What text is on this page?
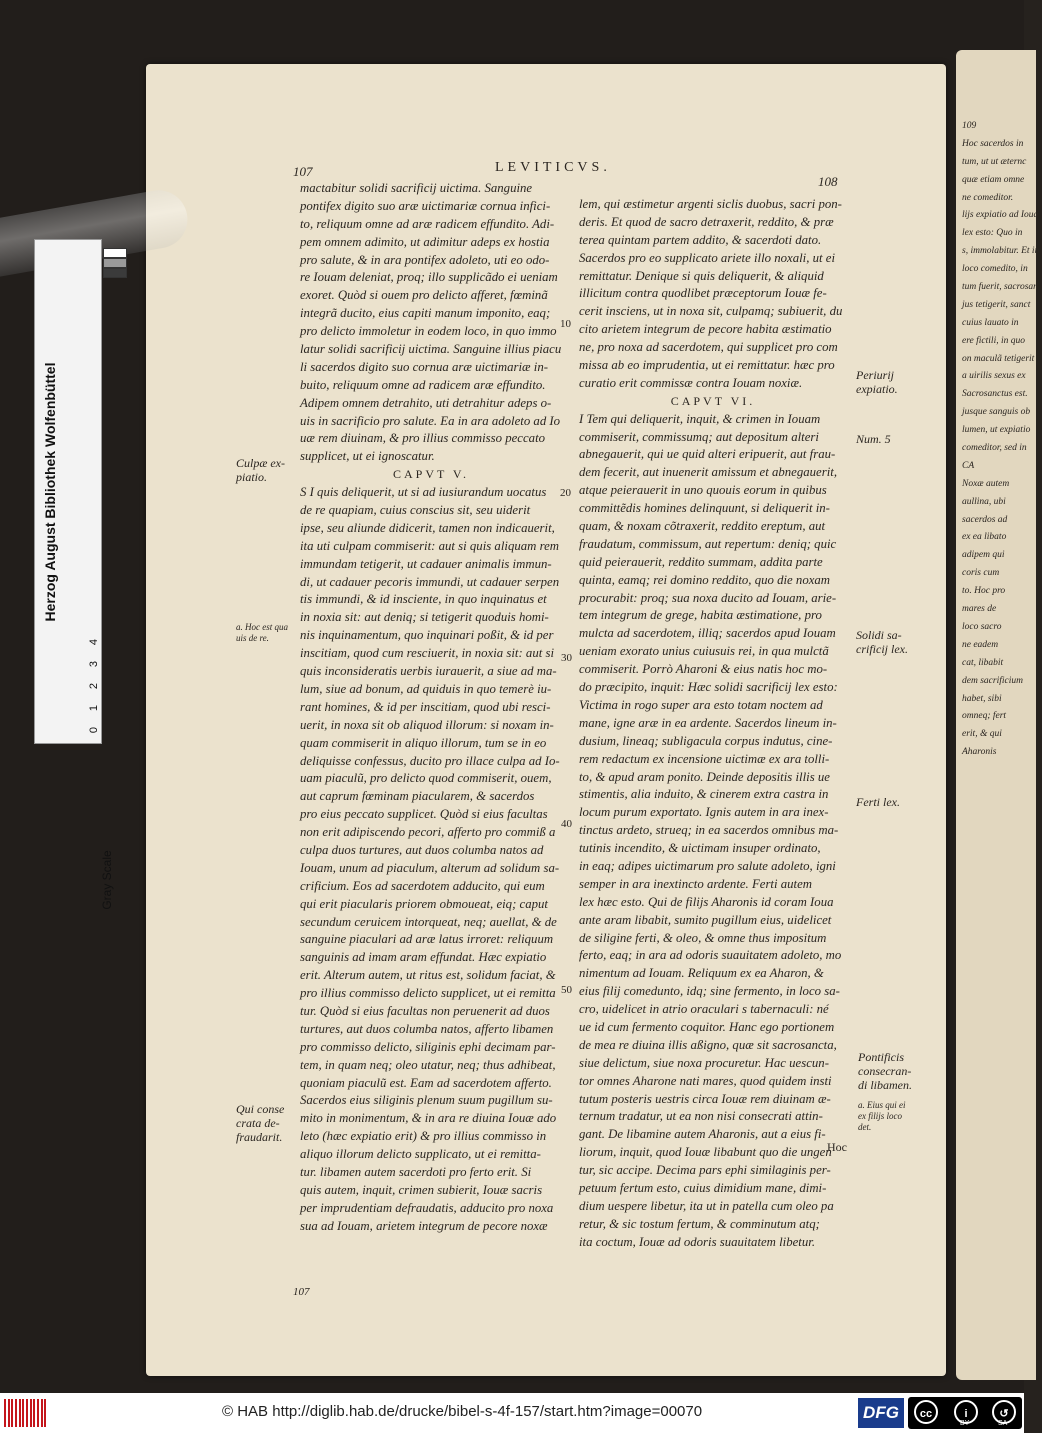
109
Hoc sacerdos in
tum, ut ut æternc
quæ etiam omne
ne comeditor.
lijs expiatio ad Ioua
lex esto: Quo in
s, immolabitur. Et in
loco comedito, in
tum fuerit, sacrosan
jus tetigerit, sanct
cuius lauato in
ere fictili, in quo
on maculã tetigerit
a uirilis sexus ex
Sacrosanctus est.
jusque sanguis ob
lumen, ut expiatio
comeditor, sed in
CA
Noxæ autem
aullina, ubi
sacerdos ad
ex ea libato
adipem qui
coris cum
to. Hoc pro
mares de
loco sacro
ne eadem
cat, libabit
dem sacrificium
habet, sibi
omneq; fert
erit, & qui
Aharonis
107	LEVITICVS.
108
mactabitur solidi sacrificij uictima. Sanguine
pontifex digito suo aræ uictimariæ cornua infici-
to, reliquum omne ad aræ radicem effundito. Adi-
pem omnem adimito, ut adimitur adeps ex hostia
pro salute, & in ara pontifex adoleto, uti eo odo-
re Iouam deleniat, proq; illo supplicãdo ei ueniam
exoret. Quòd si ouem pro delicto afferet, fœminã
integrã ducito, eius capiti manum imponito, eaq;
pro delicto immoletur in eodem loco, in quo immo
latur solidi sacrificij uictima. Sanguine illius piacu
li sacerdos digito suo cornua aræ uictimariæ in-
buito, reliquum omne ad radicem aræ effundito.
Adipem omnem detrahito, uti detrahitur adeps o-
uis in sacrificio pro salute. Ea in ara adoleto ad Io
uæ rem diuinam, & pro illius commisso peccato
supplicet, ut ei ignoscatur.
CAPVT V.
S I quis deliquerit, ut si ad iusiurandum uocatus
de re quapiam, cuius conscius sit, seu uiderit
ipse, seu aliunde didicerit, tamen non indicauerit,
ita uti culpam commiserit: aut si quis aliquam rem
immundam tetigerit, ut cadauer animalis immun-
di, ut cadauer pecoris immundi, ut cadauer serpen
tis immundi, & id insciente, in quo inquinatus et
in noxia sit: aut deniq; si tetigerit quoduis homi-
nis inquinamentum, quo inquinari poßit, & id per
inscitiam, quod cum resciuerit, in noxia sit: aut si
quis inconsideratis uerbis iurauerit, a siue ad ma-
lum, siue ad bonum, ad quiduis in quo temerè iu-
rant homines, & id per inscitiam, quod ubi resci-
uerit, in noxa sit ob aliquod illorum: si noxam in-
quam commiserit in aliquo illorum, tum se in eo
deliquisse confessus, ducito pro illace culpa ad Io-
uam piaculũ, pro delicto quod commiserit, ouem,
aut caprum fœminam piacularem, & sacerdos
pro eius peccato supplicet. Quòd si eius facultas
non erit adipiscendo pecori, afferto pro commiß a
culpa duos turtures, aut duos columba natos ad
Iouam, unum ad piaculum, alterum ad solidum sa-
crificium. Eos ad sacerdotem adducito, qui eum
qui erit piacularis priorem obmoueat, eiq; caput
secundum ceruicem intorqueat, neq; auellat, & de
sanguine piaculari ad aræ latus irroret: reliquum
sanguinis ad imam aram effundat. Hæc expiatio
erit. Alterum autem, ut ritus est, solidum faciat, &
pro illius commisso delicto supplicet, ut ei remitta
tur. Quòd si eius facultas non peruenerit ad duos
turtures, aut duos columba natos, afferto libamen
pro commisso delicto, siliginis ephi decimam par-
tem, in quam neq; oleo utatur, neq; thus adhibeat,
quoniam piaculũ est. Eam ad sacerdotem afferto.
Sacerdos eius siliginis plenum suum pugillum su-
mito in monimentum, & in ara re diuina Iouæ ado
leto (hæc expiatio erit) & pro illius commisso in
aliquo illorum delicto supplicato, ut ei remitta-
tur. libamen autem sacerdoti pro ferto erit. Si
quis autem, inquit, crimen subierit, Iouæ sacris
per imprudentiam defraudatis, adducito pro noxa
sua ad Iouam, arietem integrum de pecore noxæ
lem, qui æstimetur argenti siclis duobus, sacri pon-
deris. Et quod de sacro detraxerit, reddito, & præ
terea quintam partem addito, & sacerdoti dato.
Sacerdos pro eo supplicato ariete illo noxali, ut ei
remittatur. Denique si quis deliquerit, & aliquid
illicitum contra quodlibet præceptorum Iouæ fe-
cerit insciens, ut in noxa sit, culpamq; subiuerit, du
cito arietem integrum de pecore habita æstimatio
ne, pro noxa ad sacerdotem, qui supplicet pro com
missa ab eo imprudentia, ut ei remittatur. hæc pro
curatio erit commissæ contra Iouam noxiæ.
CAPVT VI.
I Tem qui deliquerit, inquit, & crimen in Iouam
commiserit, commissumq; aut depositum alteri
abnegauerit, qui ue quid alteri eripuerit, aut frau-
dem fecerit, aut inuenerit amissum et abnegauerit,
atque peierauerit in uno quouis eorum in quibus
committẽdis homines delinquunt, si deliquerit in-
quam, & noxam cõtraxerit, reddito ereptum, aut
fraudatum, commissum, aut repertum: deniq; quic
quid peierauerit, reddito summam, addita parte
quinta, eamq; rei domino reddito, quo die noxam
procurabit: proq; sua noxa ducito ad Iouam, arie-
tem integrum de grege, habita æstimatione, pro
mulcta ad sacerdotem, illiq; sacerdos apud Iouam
ueniam exorato unius cuiusuis rei, in qua mulctã
commiserit. Porrò Aharoni & eius natis hoc mo-
do præcipito, inquit: Hæc solidi sacrificij lex esto:
Victima in rogo super ara esto totam noctem ad
mane, igne aræ in ea ardente. Sacerdos lineum in-
dusium, lineaq; subligacula corpus indutus, cine-
rem redactum ex incensione uictimæ ex ara tolli-
to, & apud aram ponito. Deinde depositis illis ue
stimentis, alia induito, & cinerem extra castra in
locum purum exportato. Ignis autem in ara inex-
tinctus ardeto, strueq; in ea sacerdos omnibus ma-
tutinis incendito, & uictimam insuper ordinato,
in eaq; adipes uictimarum pro salute adoleto, igni
semper in ara inextincto ardente. Ferti autem
lex hæc esto. Qui de filijs Aharonis id coram Ioua
ante aram libabit, sumito pugillum eius, uidelicet
de siligine ferti, & oleo, & omne thus impositum
ferto, eaq; in ara ad odoris suauitatem adoleto, mo
nimentum ad Iouam. Reliquum ex ea Aharon, &
eius filij comedunto, idq; sine fermento, in loco sa-
cro, uidelicet in atrio oraculari s tabernaculi: né
ue id cum fermento coquitor. Hanc ego portionem
de mea re diuina illis aßigno, quæ sit sacrosancta,
siue delictum, siue noxa procuretur. Hac uescun-
tor omnes Aharone nati mares, quod quidem insti
tutum posteris uestris circa Iouæ rem diuinam æ-
ternum tradatur, ut ea non nisi consecrati attin-
gant. De libamine autem Aharonis, aut a eius fi-
liorum, inquit, quod Iouæ libabunt quo die ungen
tur, sic accipe. Decima pars ephi similaginis per-
petuum fertum esto, cuius dimidium mane, dimi-
dium uespere libetur, ita ut in patella cum oleo pa
retur, & sic tostum fertum, & comminutum atq;
ita coctum, Iouæ ad odoris suauitatem libetur.
10
20
30
40
50
Culpæ ex-
piatio.
a. Hoc est qua
uis de re.
Qui conse
crata de-
fraudarit.
Periurij
expiatio.
Num. 5
Solidi sa-
crificij lex.
Ferti lex.
Pontificis
consecran-
di libamen.
a. Eius qui ei
ex filijs loco
det.
Hoc
107
Herzog August Bibliothek Wolfenbüttel
Gray Scale
0
1
2
3
4
© HAB http://diglib.hab.de/drucke/bibel-s-4f-157/start.htm?image=00070	DFG	cc	i	↺
BY	SA
